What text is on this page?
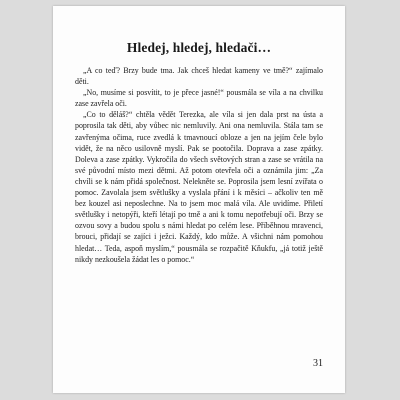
Hledej, hledej, hledači…

„A co teď? Brzy bude tma. Jak chceš hledat kameny ve tmě?“ zajímalo děti.

„No, musíme si posvítit, to je přece jasné!“ pousmála se víla a na chvilku zase zavřela oči.

„Co to děláš?“ chtěla vědět Terezka, ale víla si jen dala prst na ústa a poprosila tak děti, aby vůbec nic nemluvily. Ani ona nemluvila. Stála tam se zavřenýma očima, ruce zvedlá k tmavnoucí obloze a jen na jejím čele bylo vidět, že na něco usilovně myslí. Pak se pootočila. Doprava a zase zpátky. Doleva a zase zpátky. Vykročila do všech světových stran a zase se vrátila na své původní místo mezi dětmi. Až potom otevřela oči a oznámila jim: „Za chvíli se k nám přidá společnost. Nelekněte se. Poprosila jsem lesní zvířata o pomoc. Zavolala jsem světlušky a vyslala přání i k měsíci – ačkoliv ten mě bez kouzel asi neposlechne. Na to jsem moc malá víla. Ale uvidíme. Přiletí světlušky i netopýři, kteří létají po tmě a ani k tomu nepotřebují oči. Brzy se ozvou sovy a budou spolu s námi hledat po celém lese. Příběhnou mravenci, brouci, přidají se zajíci i ježci. Každý, kdo může. A všichni nám pomohou hledat… Teda, aspoň myslím,“ pousmála se rozpačitě Kňukfu, „já totiž ještě nikdy nezkoušela žádat les o pomoc.“

31
